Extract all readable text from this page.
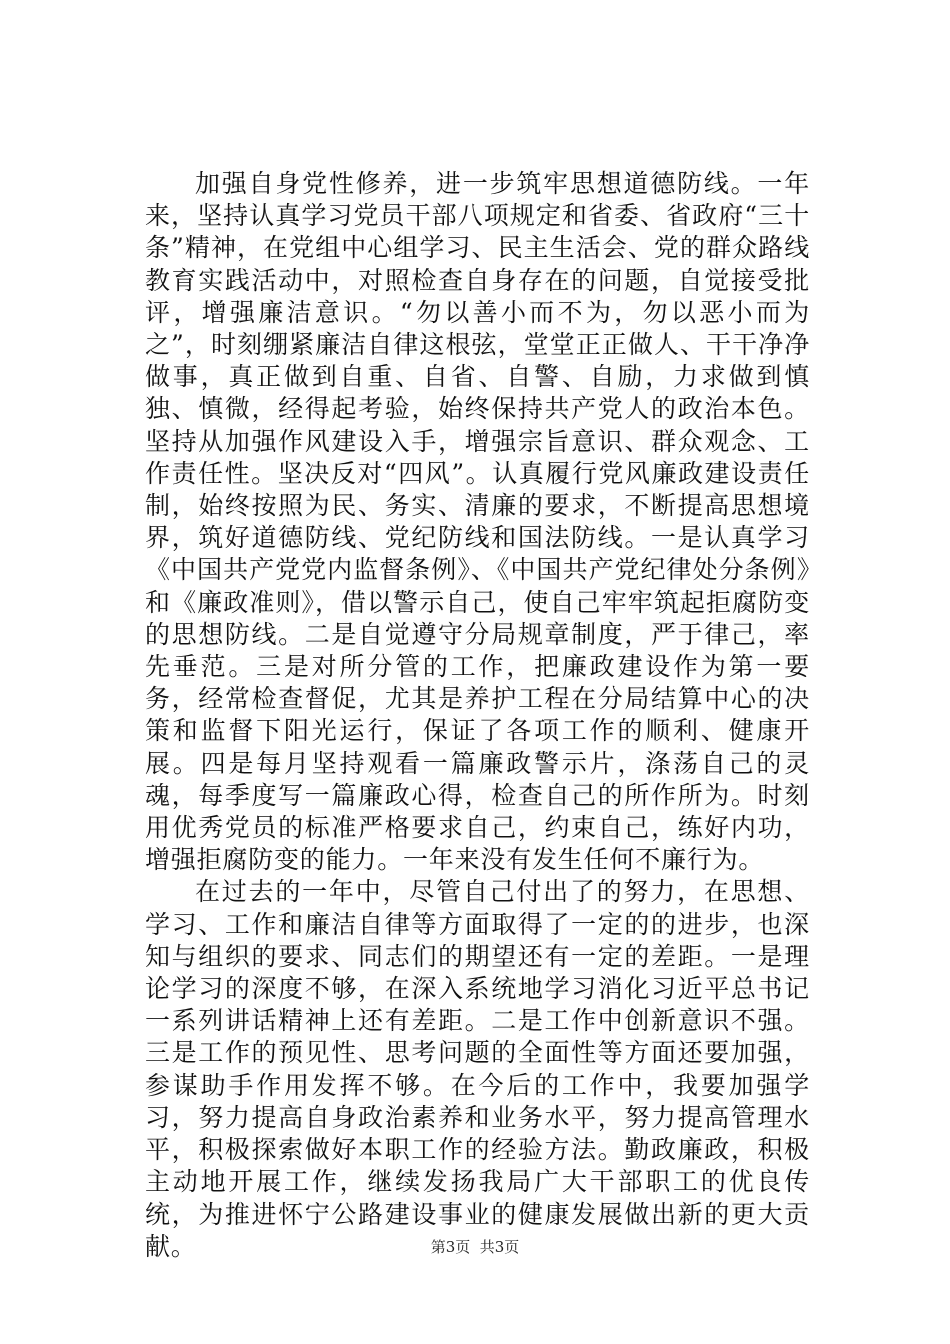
加强自身党性修养，进一步筑牢思想道德防线。一年来，坚持认真学习党员干部八项规定和省委、省政府“三十条”精神，在党组中心组学习、民主生活会、党的群众路线教育实践活动中，对照检查自身存在的问题，自觉接受批评，增强廉洁意识。“勿以善小而不为，勿以恶小而为之”，时刻绷紧廉洁自律这根弦，堂堂正正做人、干干净净做事，真正做到自重、自省、自警、自励，力求做到慎独、慎微，经得起考验，始终保持共产党人的政治本色。坚持从加强作风建设入手，增强宗旨意识、群众观念、工作责任性。坚决反对“四风”。认真履行党风廉政建设责任制，始终按照为民、务实、清廉的要求，不断提高思想境界，筑好道德防线、党纪防线和国法防线。一是认真学习《中国共产党党内监督条例》、《中国共产党纪律处分条例》和《廉政准则》，借以警示自己，使自己牢牢筑起拒腐防变的思想防线。二是自觉遵守分局规章制度，严于律己，率先垂范。三是对所分管的工作，把廉政建设作为第一要务，经常检查督促，尤其是养护工程在分局结算中心的决策和监督下阳光运行，保证了各项工作的顺利、健康开展。四是每月坚持观看一篇廉政警示片，涤荡自己的灵魂，每季度写一篇廉政心得，检查自己的所作所为。时刻用优秀党员的标准严格要求自己，约束自己，练好内功，增强拒腐防变的能力。一年来没有发生任何不廉行为。

在过去的一年中，尽管自己付出了的努力，在思想、学习、工作和廉洁自律等方面取得了一定的的进步，也深知与组织的要求、同志们的期望还有一定的差距。一是理论学习的深度不够，在深入系统地学习消化习近平总书记一系列讲话精神上还有差距。二是工作中创新意识不强。三是工作的预见性、思考问题的全面性等方面还要加强，参谋助手作用发挥不够。在今后的工作中，我要加强学习，努力提高自身政治素养和业务水平，努力提高管理水平，积极探索做好本职工作的经验方法。勤政廉政，积极主动地开展工作，继续发扬我局广大干部职工的优良传统，为推进怀宁公路建设事业的健康发展做出新的更大贡献。	第3页  共3页
